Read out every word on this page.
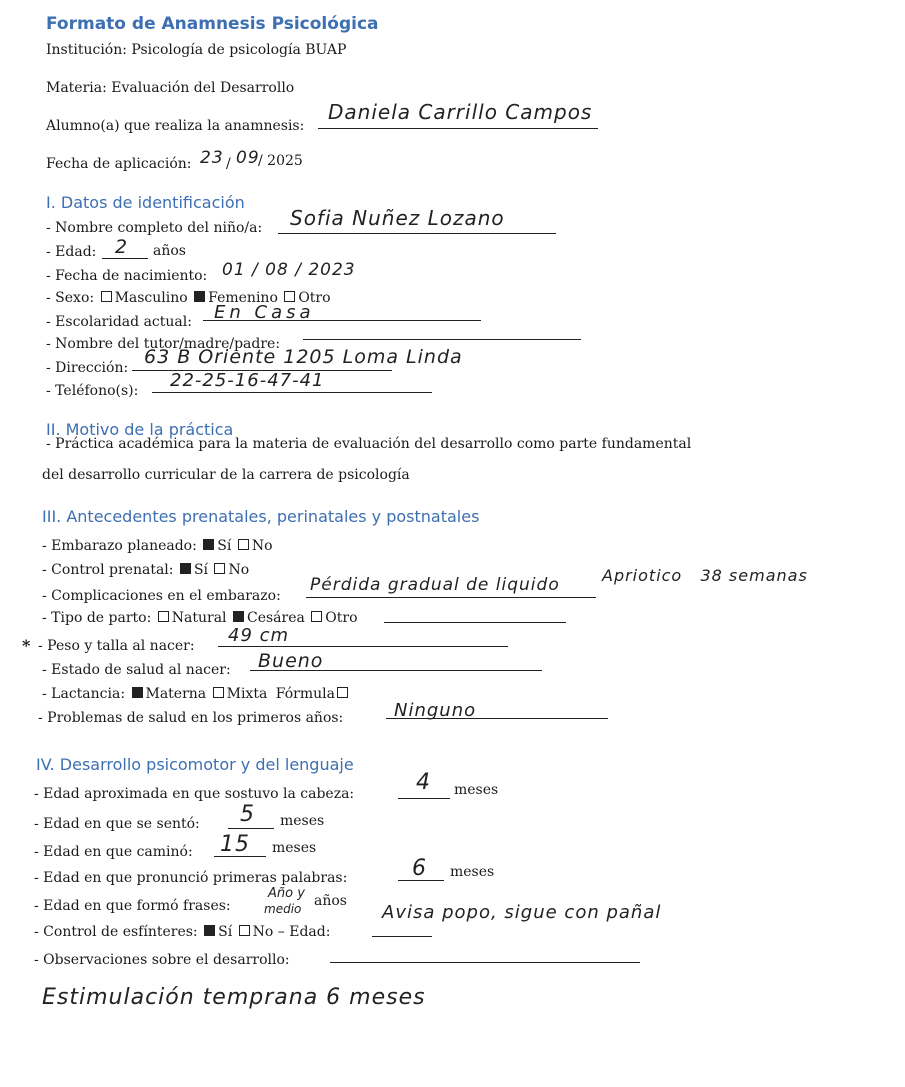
Formato de Anamnesis Psicológica
Institución: Psicología de psicología BUAP
Materia: Evaluación del Desarrollo
Alumno(a) que realiza la anamnesis:
Daniela Carrillo Campos
Fecha de aplicación: 23 / 09
/ 2025
I. Datos de identificación
- Nombre completo del niño/a: Sofia Nuñez Lozano
- Edad: 2 años
- Fecha de nacimiento: 01 / 08 / 2023
- Sexo: Masculino Femenino Otro
- Escolaridad actual: En Casa
- Nombre del tutor/madre/padre:
- Dirección: 63 B Oriente 1205 Loma Linda
- Teléfono(s): 22-25-16-47-41
II. Motivo de la práctica
- Práctica académica para la materia de evaluación del desarrollo como parte fundamental
del desarrollo curricular de la carrera de psicología
III. Antecedentes prenatales, perinatales y postnatales
- Embarazo planeado: Sí No
- Control prenatal: Sí No
- Complicaciones en el embarazo:
Pérdida gradual de liquido	Apriotico   38 semanas
- Tipo de parto: Natural Cesárea Otro
* - Peso y talla al nacer: 49 cm
- Estado de salud al nacer: Bueno
- Lactancia: Materna Mixta Fórmula
- Problemas de salud en los primeros años:	Ninguno
IV. Desarrollo psicomotor y del lenguaje
- Edad aproximada en que sostuvo la cabeza:	4 meses
- Edad en que se sentó: 5 meses
- Edad en que caminó: 15 meses
- Edad en que pronunció primeras palabras:	6 meses
- Edad en que formó frases:
Año y
medio años
- Control de esfínteres: Sí No – Edad:
Avisa popo, sigue con pañal
- Observaciones sobre el desarrollo:
Estimulación temprana 6 meses
